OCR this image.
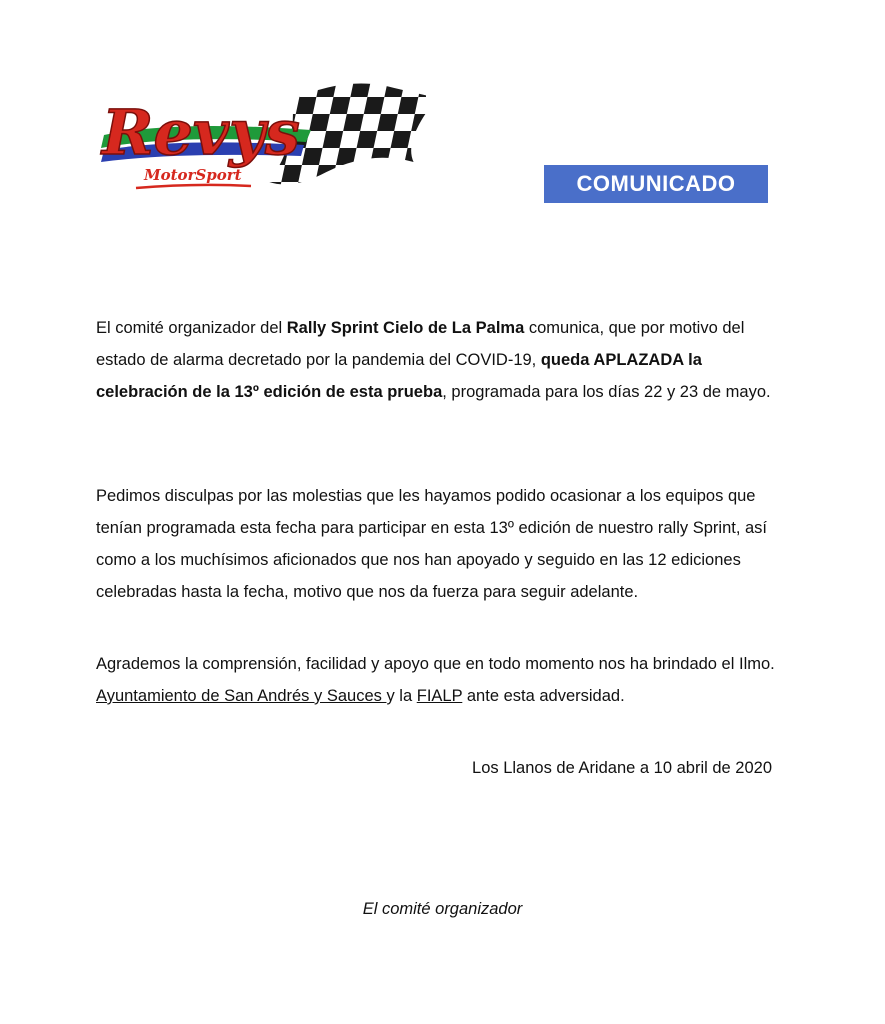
Revys
MotorSport	COMUNICADO

El comité organizador del Rally Sprint Cielo de La Palma comunica, que por motivo del estado de alarma decretado por la pandemia del COVID-19, queda APLAZADA la celebración de la 13º edición de esta prueba, programada para los días 22 y 23 de mayo.

Pedimos disculpas por las molestias que les hayamos podido ocasionar a los equipos que tenían programada esta fecha para participar en esta 13º edición de nuestro rally Sprint, así como a los muchísimos aficionados que nos han apoyado y seguido en las 12 ediciones celebradas hasta la fecha, motivo que nos da fuerza para seguir adelante.

Agrademos la comprensión, facilidad y apoyo que en todo momento nos ha brindado el Ilmo. Ayuntamiento de San Andrés y Sauces y la FIALP ante esta adversidad.

Los Llanos de Aridane a 10 abril de 2020

El comité organizador
